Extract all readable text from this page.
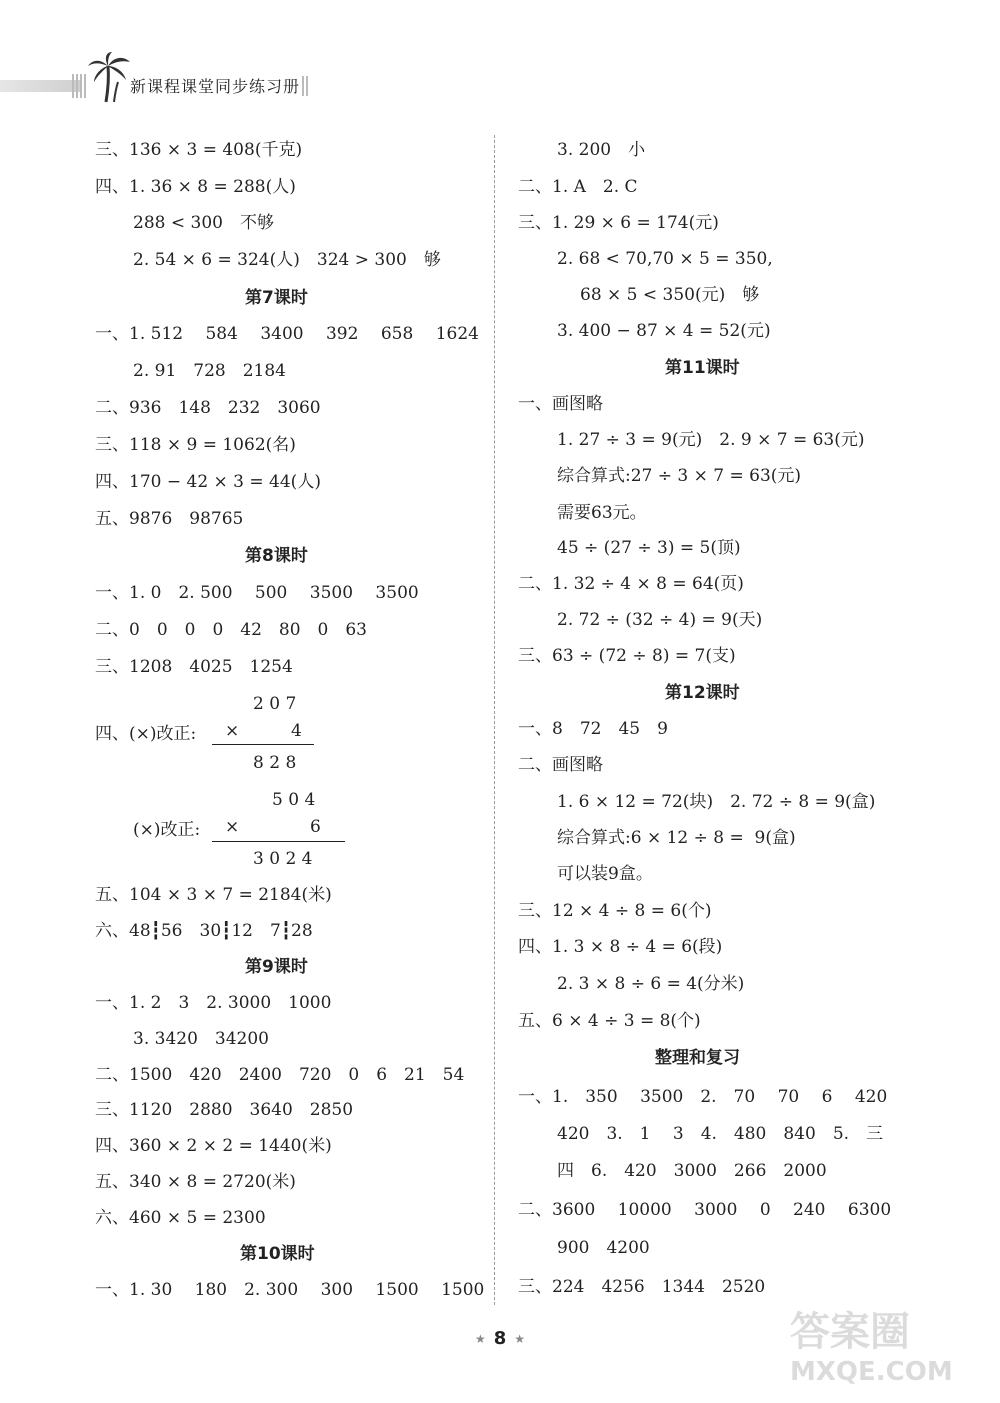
新课程课堂同步练习册
三、136 × 3 = 408(千克)
四、1. 36 × 8 = 288(人)
288 < 300　不够
2. 54 × 6 = 324(人)　324 > 300　够
第7课时
一、1. 512　 584　 3400　 392　 658　 1624
2. 91　728　2184
二、936　148　232　3060
三、118 × 9 = 1062(名)
四、170 − 42 × 3 = 44(人)
五、9876　98765
第8课时
一、1. 0　2. 500　 500　 3500　 3500
二、0　0　0　0　42　80　0　63
三、1208　4025　1254
2 0 7
四、(×)改正: ×	4
8 2 8
5 0 4
(×)改正: ×	6
3 0 2 4
五、104 × 3 × 7 = 2184(米)
六、48┇56　30┇12　7┇28
第9课时
一、1. 2　3　2. 3000　1000
3. 3420　34200
二、1500　420　2400　720　0　6　21　54
三、1120　2880　3640　2850
四、360 × 2 × 2 = 1440(米)
五、340 × 8 = 2720(米)
六、460 × 5 = 2300
第10课时
一、1. 30　 180　2. 300　 300　 1500　 1500
3. 200　小
二、1. A　2. C
三、1. 29 × 6 = 174(元)
2. 68 < 70,70 × 5 = 350,
68 × 5 < 350(元)　够
3. 400 − 87 × 4 = 52(元)
第11课时
一、画图略
1. 27 ÷ 3 = 9(元)　2. 9 × 7 = 63(元)
综合算式:27 ÷ 3 × 7 = 63(元)
需要63元。
45 ÷ (27 ÷ 3) = 5(顶)
二、1. 32 ÷ 4 × 8 = 64(页)
2. 72 ÷ (32 ÷ 4) = 9(天)
三、63 ÷ (72 ÷ 8) = 7(支)
第12课时
一、8　72　45　9
二、画图略
1. 6 × 12 = 72(块)　2. 72 ÷ 8 = 9(盒)
综合算式:6 × 12 ÷ 8 =  9(盒)
可以装9盒。
三、12 × 4 ÷ 8 = 6(个)
四、1. 3 × 8 ÷ 4 = 6(段)
2. 3 × 8 ÷ 6 = 4(分米)
五、6 × 4 ÷ 3 = 8(个)
整理和复习
一、1.　350　 3500　2.　70　 70　 6　 420
420　3.　1　 3　4.　480　840　5.　三
四　6.　420　3000　266　2000
二、3600　 10000　 3000　 0　 240　 6300
900　4200
三、224　4256　1344　2520
★ 8 ★	答案圈
MXQE.COM
